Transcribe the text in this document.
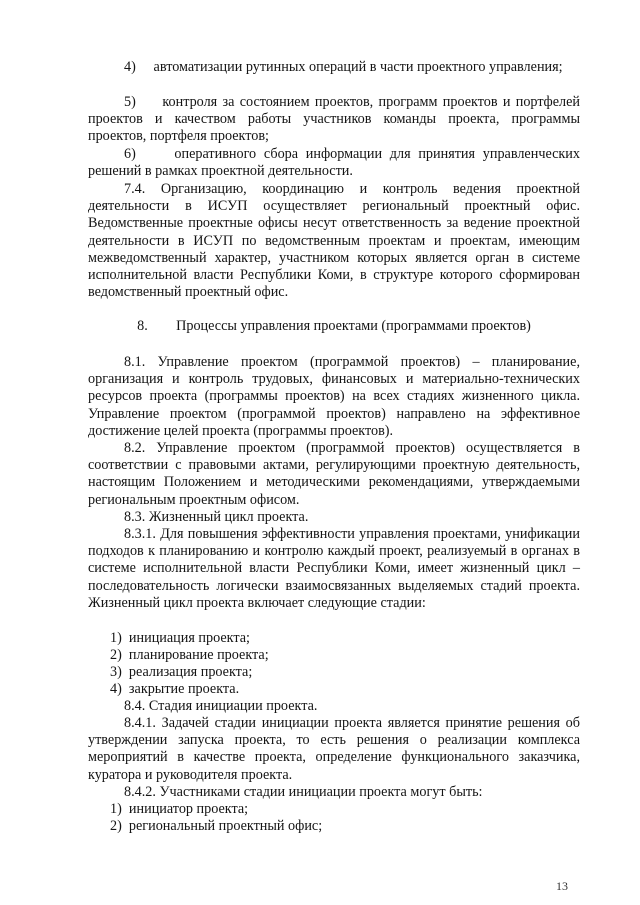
4)     автоматизации рутинных операций в части проектного управления;

5)     контроля за состоянием проектов, программ проектов и портфелей проектов и качеством работы участников команды проекта, программы проектов, портфеля проектов;

6)     оперативного сбора информации для принятия управленческих решений в рамках проектной деятельности.

7.4. Организацию, координацию и контроль ведения проектной деятельности в ИСУП осуществляет региональный проектный офис. Ведомственные проектные офисы несут ответственность за ведение проектной деятельности в ИСУП по ведомственным проектам и проектам, имеющим межведомственный характер, участником которых является орган в системе исполнительной власти Республики Коми, в структуре которого сформирован ведомственный проектный офис.

8.        Процессы управления проектами (программами проектов)

8.1. Управление проектом (программой проектов) – планирование, организация и контроль трудовых, финансовых и материально-технических ресурсов проекта (программы проектов) на всех стадиях жизненного цикла. Управление проектом (программой проектов) направлено на эффективное достижение целей проекта (программы проектов).

8.2. Управление проектом (программой проектов) осуществляется в соответствии с правовыми актами, регулирующими проектную деятельность, настоящим Положением и методическими рекомендациями, утверждаемыми региональным проектным офисом.

8.3. Жизненный цикл проекта.

8.3.1. Для повышения эффективности управления проектами, унификации подходов к планированию и контролю каждый проект, реализуемый в органах в системе исполнительной власти Республики Коми, имеет жизненный цикл – последовательность логически взаимосвязанных выделяемых стадий проекта. Жизненный цикл проекта включает следующие стадии:

1)  инициация проекта;

2)  планирование проекта;

3)  реализация проекта;

4)  закрытие проекта.

8.4. Стадия инициации проекта.

8.4.1. Задачей стадии инициации проекта является принятие решения об утверждении запуска проекта, то есть решения о реализации комплекса мероприятий в качестве проекта, определение функционального заказчика, куратора и руководителя проекта.

8.4.2. Участниками стадии инициации проекта могут быть:

1)  инициатор проекта;

2)  региональный проектный офис;

13
